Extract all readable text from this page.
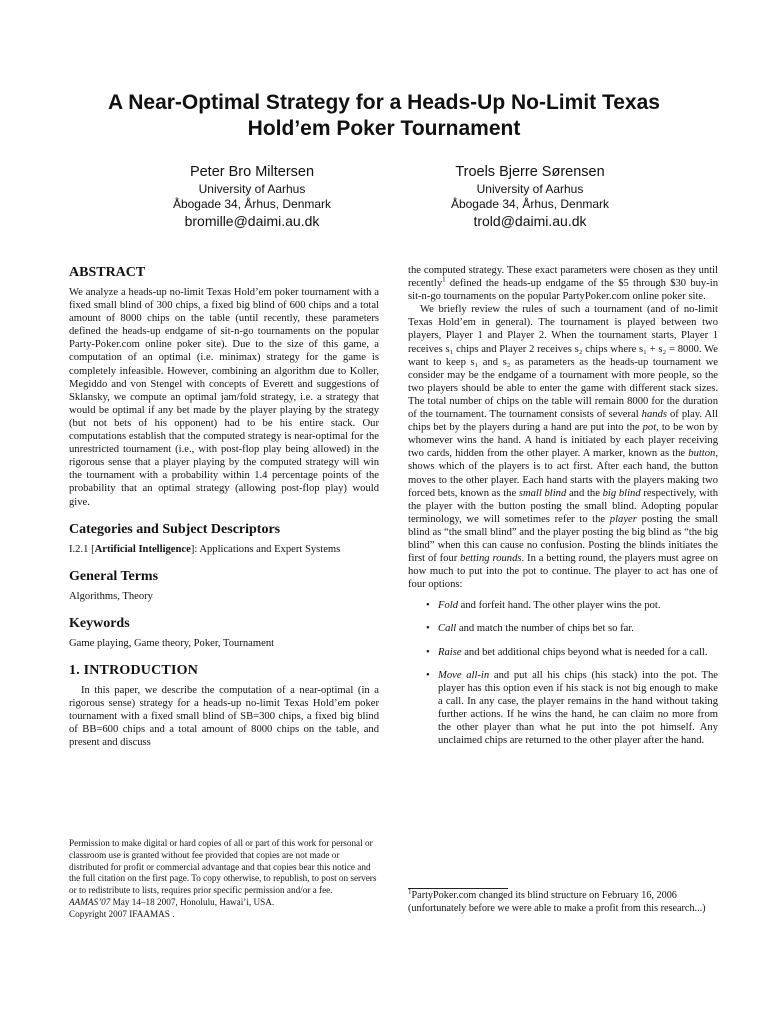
A Near-Optimal Strategy for a Heads-Up No-Limit Texas
Hold’em Poker Tournament
Peter Bro Miltersen
University of Aarhus
Åbogade 34, Århus, Denmark
bromille@daimi.au.dk
Troels Bjerre Sørensen
University of Aarhus
Åbogade 34, Århus, Denmark
trold@daimi.au.dk
ABSTRACT

We analyze a heads-up no-limit Texas Hold’em poker tournament with a fixed small blind of 300 chips, a fixed big blind of 600 chips and a total amount of 8000 chips on the table (until recently, these parameters defined the heads-up endgame of sit-n-go tournaments on the popular Party-Poker.com online poker site). Due to the size of this game, a computation of an optimal (i.e. minimax) strategy for the game is completely infeasible. However, combining an algorithm due to Koller, Megiddo and von Stengel with concepts of Everett and suggestions of Sklansky, we compute an optimal jam/fold strategy, i.e. a strategy that would be optimal if any bet made by the player playing by the strategy (but not bets of his opponent) had to be his entire stack. Our computations establish that the computed strategy is near-optimal for the unrestricted tournament (i.e., with post-flop play being allowed) in the rigorous sense that a player playing by the computed strategy will win the tournament with a probability within 1.4 percentage points of the probability that an optimal strategy (allowing post-flop play) would give.

Categories and Subject Descriptors

I.2.1 [Artificial Intelligence]: Applications and Expert Systems

General Terms

Algorithms, Theory

Keywords

Game playing, Game theory, Poker, Tournament

1. INTRODUCTION

In this paper, we describe the computation of a near-optimal (in a rigorous sense) strategy for a heads-up no-limit Texas Hold’em poker tournament with a fixed small blind of SB=300 chips, a fixed big blind of BB=600 chips and a total amount of 8000 chips on the table, and present and discuss

Permission to make digital or hard copies of all or part of this work for personal or classroom use is granted without fee provided that copies are not made or distributed for profit or commercial advantage and that copies bear this notice and the full citation on the first page. To copy otherwise, to republish, to post on servers or to redistribute to lists, requires prior specific permission and/or a fee.

AAMAS’07 May 14–18 2007, Honolulu, Hawai’i, USA.

Copyright 2007 IFAAMAS .

the computed strategy. These exact parameters were chosen as they until recently$^1$ defined the heads-up endgame of the $5 through $30 buy-in sit-n-go tournaments on the popular PartyPoker.com online poker site.

We briefly review the rules of such a tournament (and of no-limit Texas Hold’em in general). The tournament is played between two players, Player 1 and Player 2. When the tournament starts, Player 1 receives s₁ chips and Player 2 receives s₂ chips where s₁ + s₂ = 8000. We want to keep s₁ and s₂ as parameters as the heads-up tournament we consider may be the endgame of a tournament with more people, so the two players should be able to enter the game with different stack sizes. The total number of chips on the table will remain 8000 for the duration of the tournament. The tournament consists of several hands of play. All chips bet by the players during a hand are put into the pot, to be won by whomever wins the hand. A hand is initiated by each player receiving two cards, hidden from the other player. A marker, known as the button, shows which of the players is to act first. After each hand, the button moves to the other player. Each hand starts with the players making two forced bets, known as the small blind and the big blind respectively, with the player with the button posting the small blind. Adopting popular terminology, we will sometimes refer to the player posting the small blind as “the small blind” and the player posting the big blind as “the big blind” when this can cause no confusion. Posting the blinds initiates the first of four betting rounds. In a betting round, the players must agree on how much to put into the pot to continue. The player to act has one of four options:

• Fold and forfeit hand. The other player wins the pot.
• Call and match the number of chips bet so far.
• Raise and bet additional chips beyond what is needed for a call.
• Move all-in and put all his chips (his stack) into the pot. The player has this option even if his stack is not big enough to make a call. In any case, the player remains in the hand without taking further actions. If he wins the hand, he can claim no more from the other player than what he put into the pot himself. Any unclaimed chips are returned to the other player after the hand.

$^1$PartyPoker.com changed its blind structure on February 16, 2006 (unfortunately before we were able to make a profit from this research...)
